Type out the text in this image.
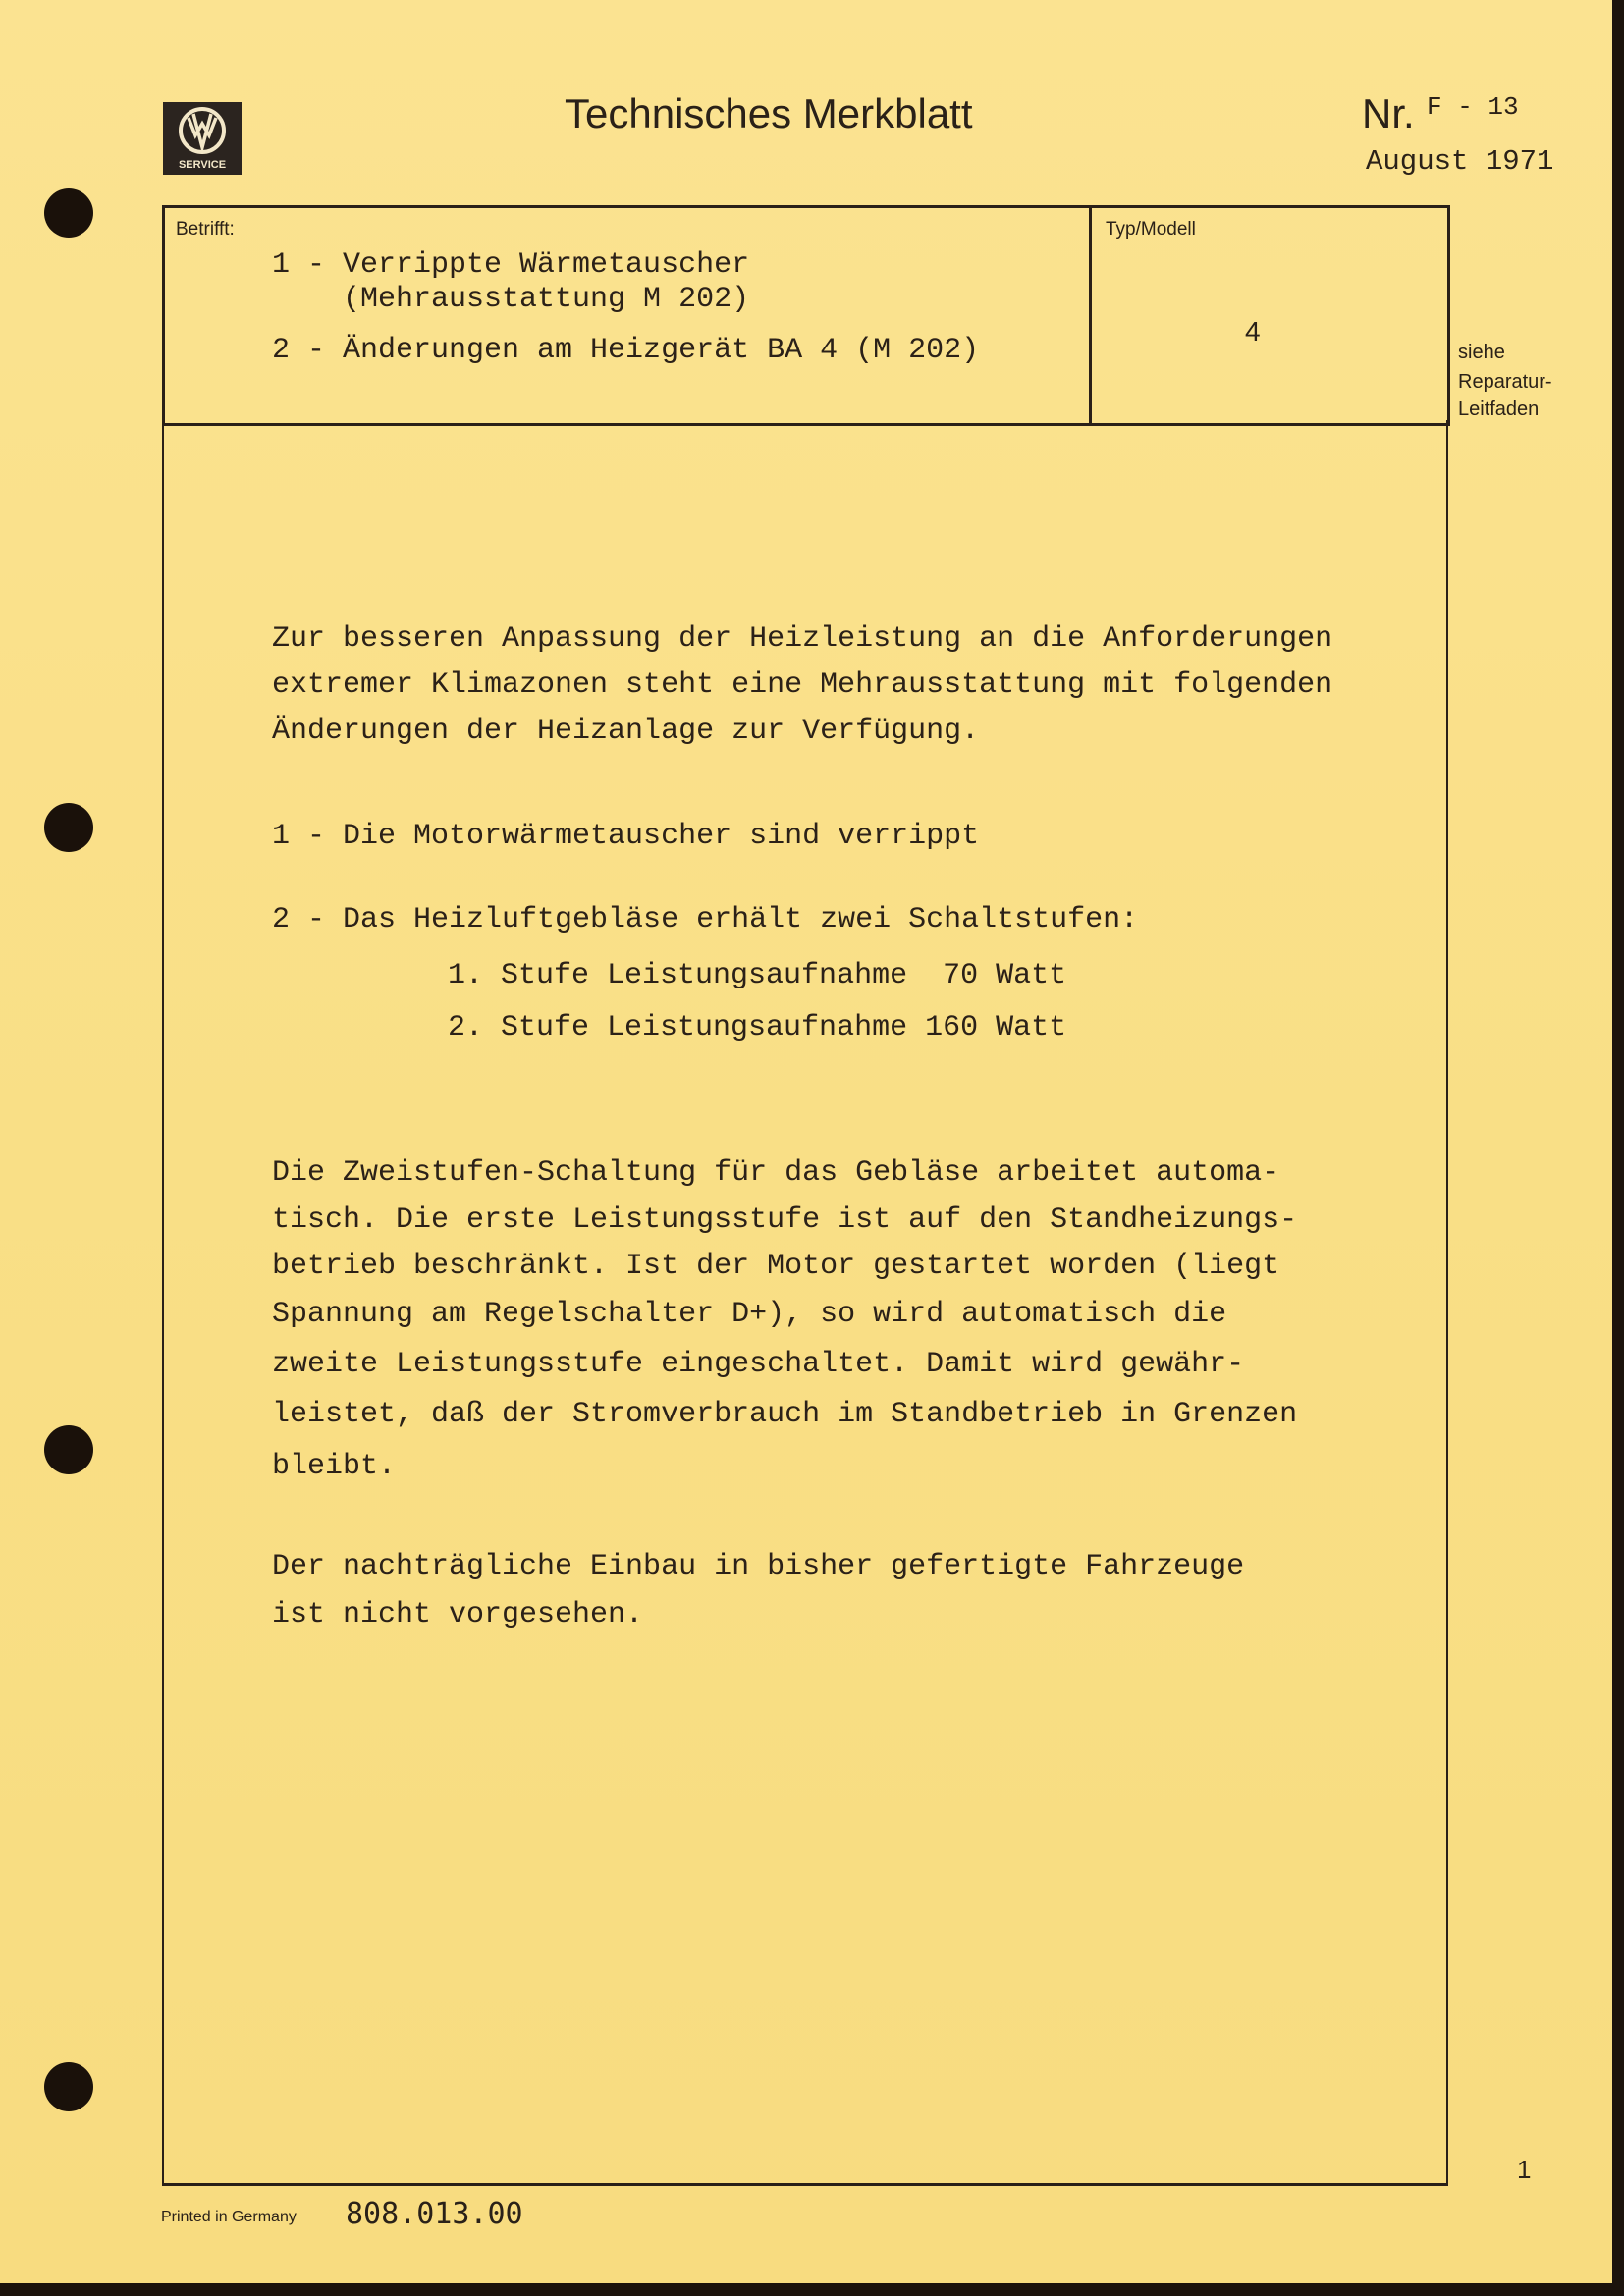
SERVICE
Technisches Merkblatt	Nr. F - 13
August 1971
Betrifft:
1 - Verrippte Wärmetauscher
(Mehrausstattung M 202)
2 - Änderungen am Heizgerät BA 4 (M 202)
Typ/Modell
4
siehe
Reparatur-
Leitfaden
Zur besseren Anpassung der Heizleistung an die Anforderungen
extremer Klimazonen steht eine Mehrausstattung mit folgenden
Änderungen der Heizanlage zur Verfügung.
1 - Die Motorwärmetauscher sind verrippt
2 - Das Heizluftgebläse erhält zwei Schaltstufen:
1. Stufe Leistungsaufnahme  70 Watt
2. Stufe Leistungsaufnahme 160 Watt
Die Zweistufen-Schaltung für das Gebläse arbeitet automa-
tisch. Die erste Leistungsstufe ist auf den Standheizungs-
betrieb beschränkt. Ist der Motor gestartet worden (liegt
Spannung am Regelschalter D+), so wird automatisch die
zweite Leistungsstufe eingeschaltet. Damit wird gewähr-
leistet, daß der Stromverbrauch im Standbetrieb in Grenzen
bleibt.
Der nachträgliche Einbau in bisher gefertigte Fahrzeuge
ist nicht vorgesehen.
1
Printed in Germany 808.013.00
